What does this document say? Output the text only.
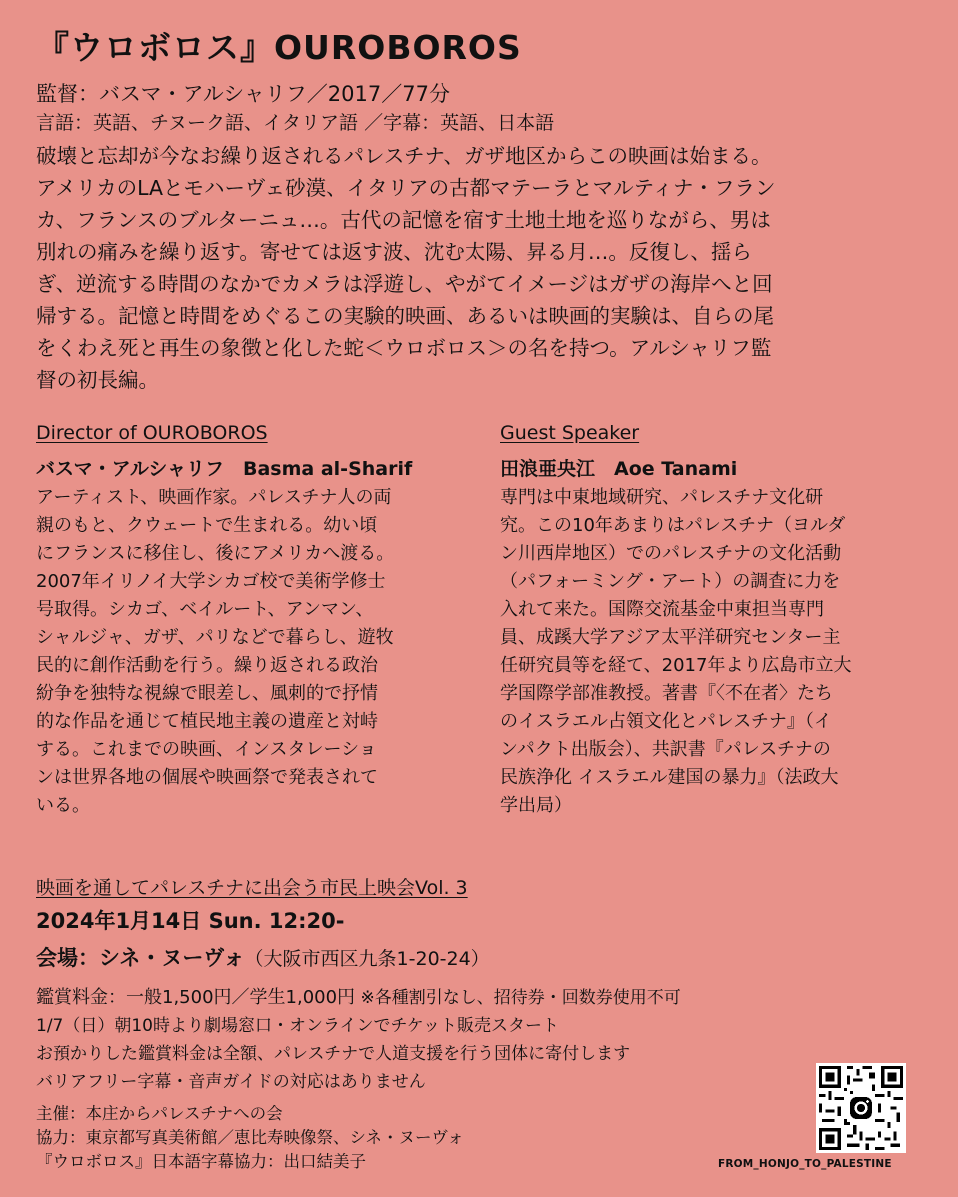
『ウロボロス』OUROBOROS
監督：バスマ・アルシャリフ／2017／77分
言語：英語、チヌーク語、イタリア語 ／字幕：英語、日本語

破壊と忘却が今なお繰り返されるパレスチナ、ガザ地区からこの映画は始まる。
アメリカのLAとモハーヴェ砂漠、イタリアの古都マテーラとマルティナ・フラン
カ、フランスのブルターニュ…。古代の記憶を宿す土地土地を巡りながら、男は
別れの痛みを繰り返す。寄せては返す波、沈む太陽、昇る月…。反復し、揺ら
ぎ、逆流する時間のなかでカメラは浮遊し、やがてイメージはガザの海岸へと回
帰する。記憶と時間をめぐるこの実験的映画、あるいは映画的実験は、自らの尾
をくわえ死と再生の象徴と化した蛇＜ウロボロス＞の名を持つ。アルシャリフ監
督の初長編。

Director of OUROBOROS
バスマ・アルシャリフ　Basma al-Sharif
アーティスト、映画作家。パレスチナ人の両
親のもと、クウェートで生まれる。幼い頃
にフランスに移住し、後にアメリカへ渡る。
2007年イリノイ大学シカゴ校で美術学修士
号取得。シカゴ、ベイルート、アンマン、
シャルジャ、ガザ、パリなどで暮らし、遊牧
民的に創作活動を行う。繰り返される政治
紛争を独特な視線で眼差し、風刺的で抒情
的な作品を通じて植民地主義の遺産と対峙
する。これまでの映画、インスタレーショ
ンは世界各地の個展や映画祭で発表されて
いる。
Guest Speaker
田浪亜央江　Aoe Tanami
専門は中東地域研究、パレスチナ文化研
究。この10年あまりはパレスチナ（ヨルダ
ン川西岸地区）でのパレスチナの文化活動
（パフォーミング・アート）の調査に力を
入れて来た。国際交流基金中東担当専門
員、成蹊大学アジア太平洋研究センター主
任研究員等を経て、2017年より広島市立大
学国際学部准教授。著書『〈不在者〉たち
のイスラエル占領文化とパレスチナ』（イ
ンパクト出版会）、共訳書『パレスチナの
民族浄化 イスラエル建国の暴力』（法政大
学出局）
映画を通してパレスチナに出会う市民上映会Vol. 3
2024年1月14日 Sun. 12:20-
会場：シネ・ヌーヴォ（大阪市西区九条1-20-24）
鑑賞料金：一般1,500円／学生1,000円 ※各種割引なし、招待券・回数券使用不可
1/7（日）朝10時より劇場窓口・オンラインでチケット販売スタート
お預かりした鑑賞料金は全額、パレスチナで人道支援を行う団体に寄付します
バリアフリー字幕・音声ガイドの対応はありません
主催：本庄からパレスチナへの会
協力：東京都写真美術館／恵比寿映像祭、シネ・ヌーヴォ
『ウロボロス』日本語字幕協力：出口結美子	FROM_HONJO_TO_PALESTINE
